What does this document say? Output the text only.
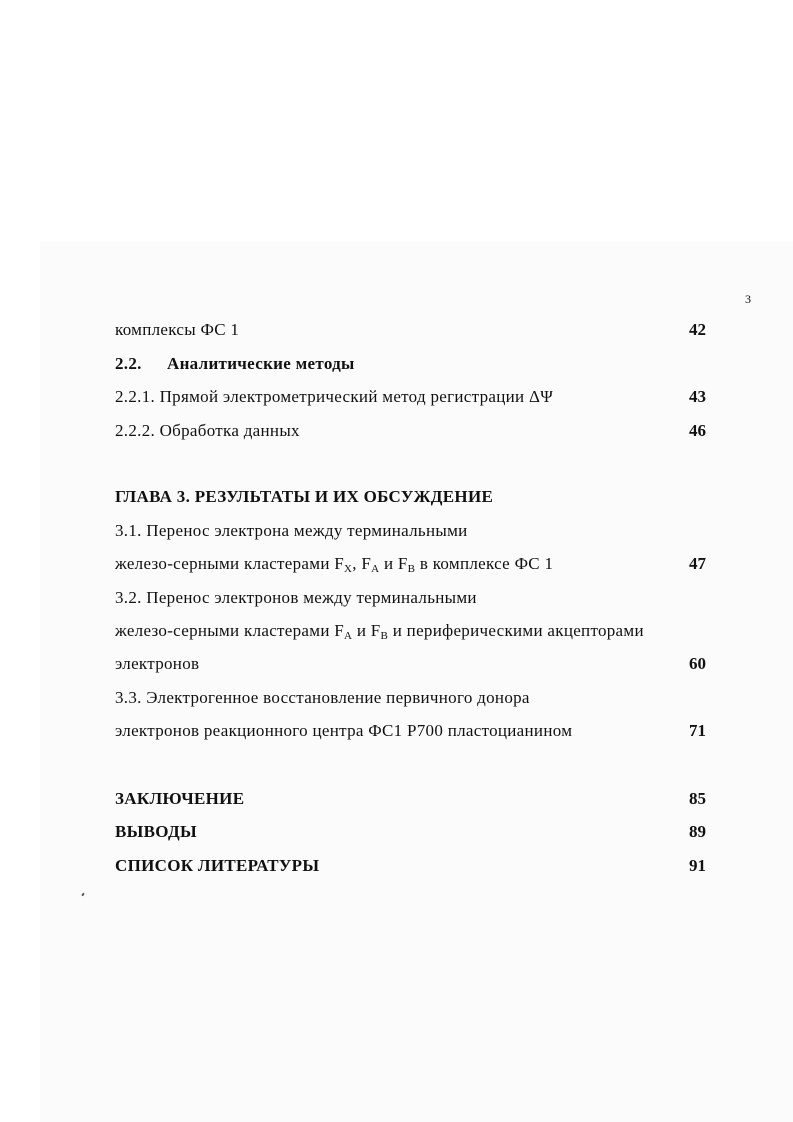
3
комплексы ФС 1	42
2.2. Аналитические методы
2.2.1. Прямой электрометрический метод регистрации ΔΨ	43
2.2.2. Обработка данных	46
ГЛАВА 3. РЕЗУЛЬТАТЫ И ИХ ОБСУЖДЕНИЕ
3.1. Перенос электрона между терминальными
железо-серными кластерами $F_X$, $F_A$ и $F_B$ в комплексе ФС 1	47
3.2. Перенос электронов между терминальными
железо-серными кластерами $F_A$ и $F_B$ и периферическими акцепторами
электронов	60
3.3. Электрогенное восстановление первичного донора
электронов реакционного центра ФС1 Р700 пластоцианином	71
ЗАКЛЮЧЕНИЕ	85
ВЫВОДЫ	89
СПИСОК ЛИТЕРАТУРЫ	91
